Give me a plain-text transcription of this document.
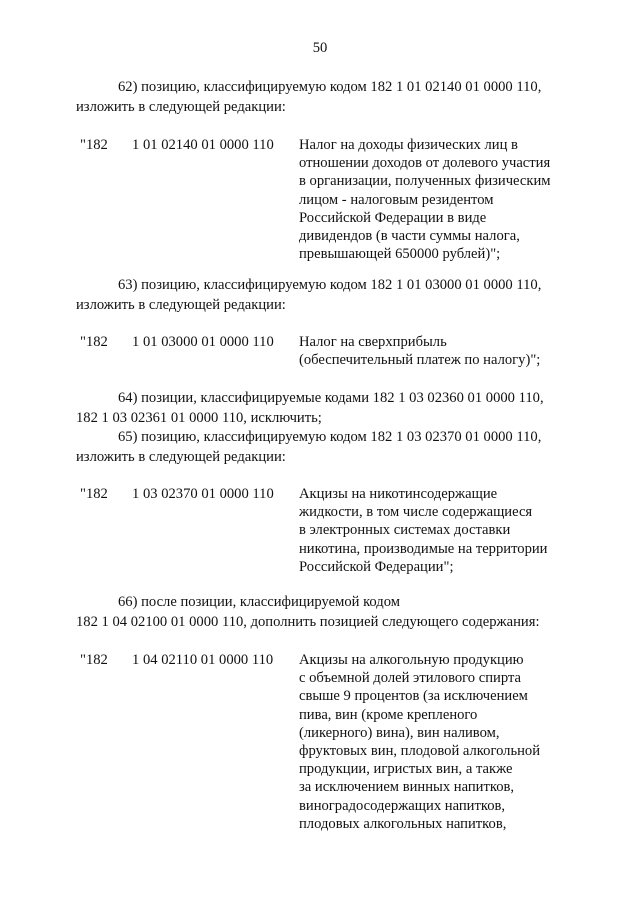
50
62) позицию, классифицируемую кодом 182 1 01 02140 01 0000 110,
изложить в следующей редакции:
"182 1 01 02140 01 0000 110 Налог на доходы физических лиц в
отношении доходов от долевого участия
в организации, полученных физическим
лицом - налоговым резидентом
Российской Федерации в виде
дивидендов (в части суммы налога,
превышающей 650000 рублей)";
63) позицию, классифицируемую кодом 182 1 01 03000 01 0000 110,
изложить в следующей редакции:
"182 1 01 03000 01 0000 110 Налог на сверхприбыль
(обеспечительный платеж по налогу)";
64) позиции, классифицируемые кодами 182 1 03 02360 01 0000 110,
182 1 03 02361 01 0000 110, исключить;
65) позицию, классифицируемую кодом 182 1 03 02370 01 0000 110,
изложить в следующей редакции:
"182 1 03 02370 01 0000 110 Акцизы на никотинсодержащие
жидкости, в том числе содержащиеся
в электронных системах доставки
никотина, производимые на территории
Российской Федерации";
66) после позиции, классифицируемой кодом
182 1 04 02100 01 0000 110, дополнить позицией следующего содержания:
"182 1 04 02110 01 0000 110 Акцизы на алкогольную продукцию
с объемной долей этилового спирта
свыше 9 процентов (за исключением
пива, вин (кроме крепленого
(ликерного) вина), вин наливом,
фруктовых вин, плодовой алкогольной
продукции, игристых вин, а также
за исключением винных напитков,
виноградосодержащих напитков,
плодовых алкогольных напитков,
